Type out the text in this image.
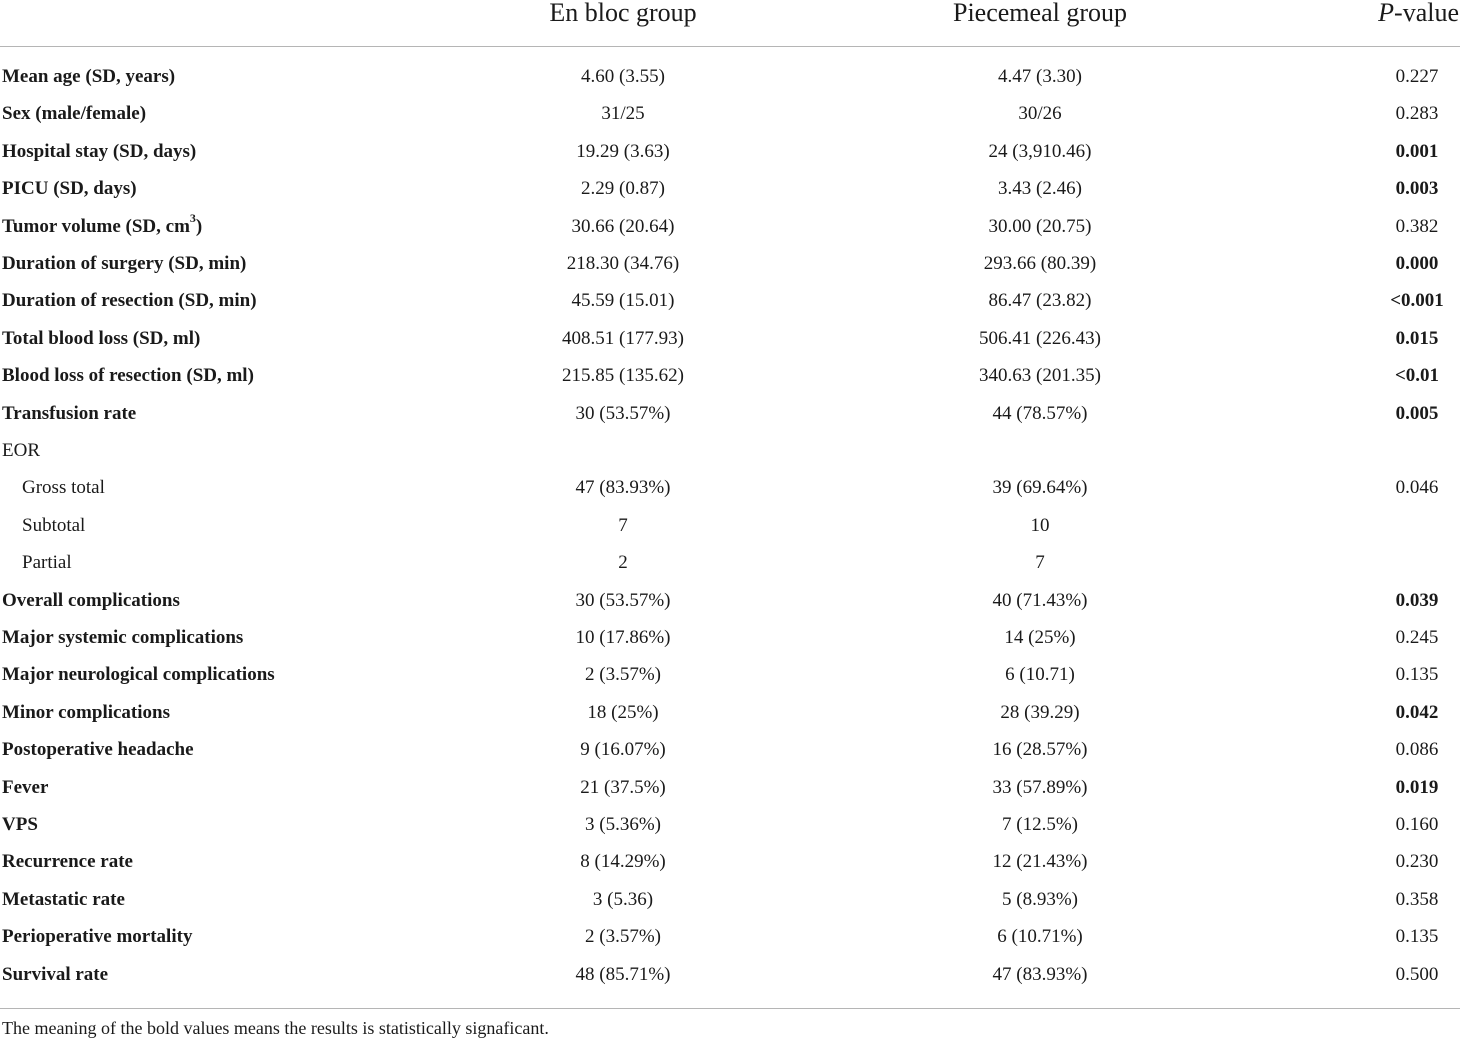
En bloc group	Piecemeal group	P-value
Mean age (SD, years)	4.60 (3.55)	4.47 (3.30)	0.227
Sex (male/female)	31/25	30/26	0.283
Hospital stay (SD, days)	19.29 (3.63)	24 (3,910.46)	0.001
PICU (SD, days)	2.29 (0.87)	3.43 (2.46)	0.003
Tumor volume (SD, $cm^3$)	30.66 (20.64)	30.00 (20.75)	0.382
Duration of surgery (SD, min)	218.30 (34.76)	293.66 (80.39)	0.000
Duration of resection (SD, min)	45.59 (15.01)	86.47 (23.82)	<0.001
Total blood loss (SD, ml)	408.51 (177.93)	506.41 (226.43)	0.015
Blood loss of resection (SD, ml)	215.85 (135.62)	340.63 (201.35)	<0.01
Transfusion rate	30 (53.57%)	44 (78.57%)	0.005
EOR
Gross total	47 (83.93%)	39 (69.64%)	0.046
Subtotal	7	10
Partial	2	7
Overall complications	30 (53.57%)	40 (71.43%)	0.039
Major systemic complications	10 (17.86%)	14 (25%)	0.245
Major neurological complications	2 (3.57%)	6 (10.71)	0.135
Minor complications	18 (25%)	28 (39.29)	0.042
Postoperative headache	9 (16.07%)	16 (28.57%)	0.086
Fever	21 (37.5%)	33 (57.89%)	0.019
VPS	3 (5.36%)	7 (12.5%)	0.160
Recurrence rate	8 (14.29%)	12 (21.43%)	0.230
Metastatic rate	3 (5.36)	5 (8.93%)	0.358
Perioperative mortality	2 (3.57%)	6 (10.71%)	0.135
Survival rate	48 (85.71%)	47 (83.93%)	0.500
The meaning of the bold values means the results is statistically signaficant.
